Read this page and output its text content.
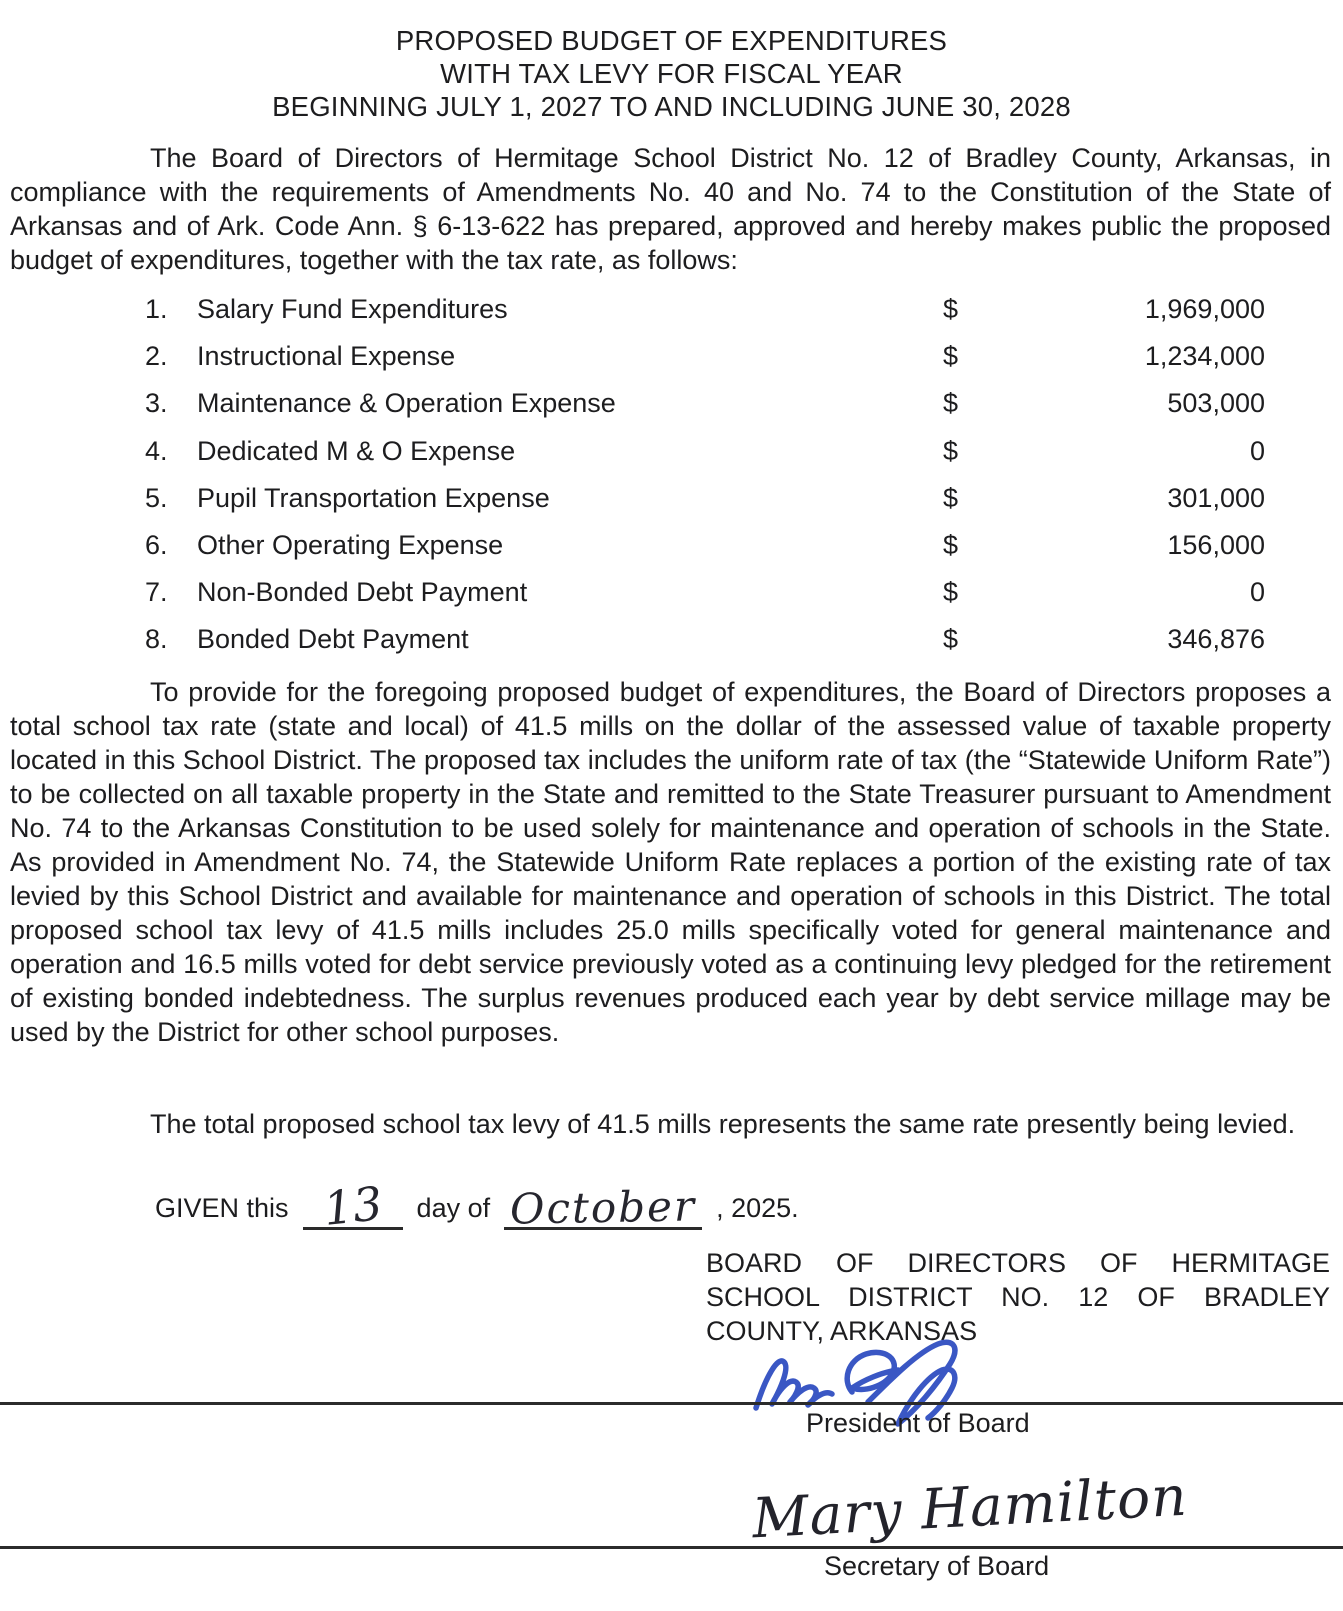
PROPOSED BUDGET OF EXPENDITURES
WITH TAX LEVY FOR FISCAL YEAR
BEGINNING JULY 1, 2027 TO AND INCLUDING JUNE 30, 2028
The Board of Directors of Hermitage School District No. 12 of Bradley County, Arkansas, in compliance with the requirements of Amendments No. 40 and No. 74 to the Constitution of the State of Arkansas and of Ark. Code Ann. § 6-13-622 has prepared, approved and hereby makes public the proposed budget of expenditures, together with the tax rate, as follows:
1.	Salary Fund Expenditures	$	1,969,000
2.	Instructional Expense	$	1,234,000
3.	Maintenance & Operation Expense	$	503,000
4.	Dedicated M & O Expense	$	0
5.	Pupil Transportation Expense	$	301,000
6.	Other Operating Expense	$	156,000
7.	Non-Bonded Debt Payment	$	0
8.	Bonded Debt Payment	$	346,876
To provide for the foregoing proposed budget of expenditures, the Board of Directors proposes a total school tax rate (state and local) of 41.5 mills on the dollar of the assessed value of taxable property located in this School District. The proposed tax includes the uniform rate of tax (the “Statewide Uniform Rate”) to be collected on all taxable property in the State and remitted to the State Treasurer pursuant to Amendment No. 74 to the Arkansas Constitution to be used solely for maintenance and operation of schools in the State. As provided in Amendment No. 74, the Statewide Uniform Rate replaces a portion of the existing rate of tax levied by this School District and available for maintenance and operation of schools in this District. The total proposed school tax levy of 41.5 mills includes 25.0 mills specifically voted for general maintenance and operation and 16.5 mills voted for debt service previously voted as a continuing levy pledged for the retirement of existing bonded indebtedness. The surplus revenues produced each year by debt service millage may be used by the District for other school purposes.
The total proposed school tax levy of 41.5 mills represents the same rate presently being levied.
GIVEN this 13	day of October , 2025.
BOARD OF DIRECTORS OF HERMITAGE
SCHOOL DISTRICT NO. 12 OF BRADLEY
COUNTY, ARKANSAS
President of Board
Mary Hamilton
Secretary of Board
